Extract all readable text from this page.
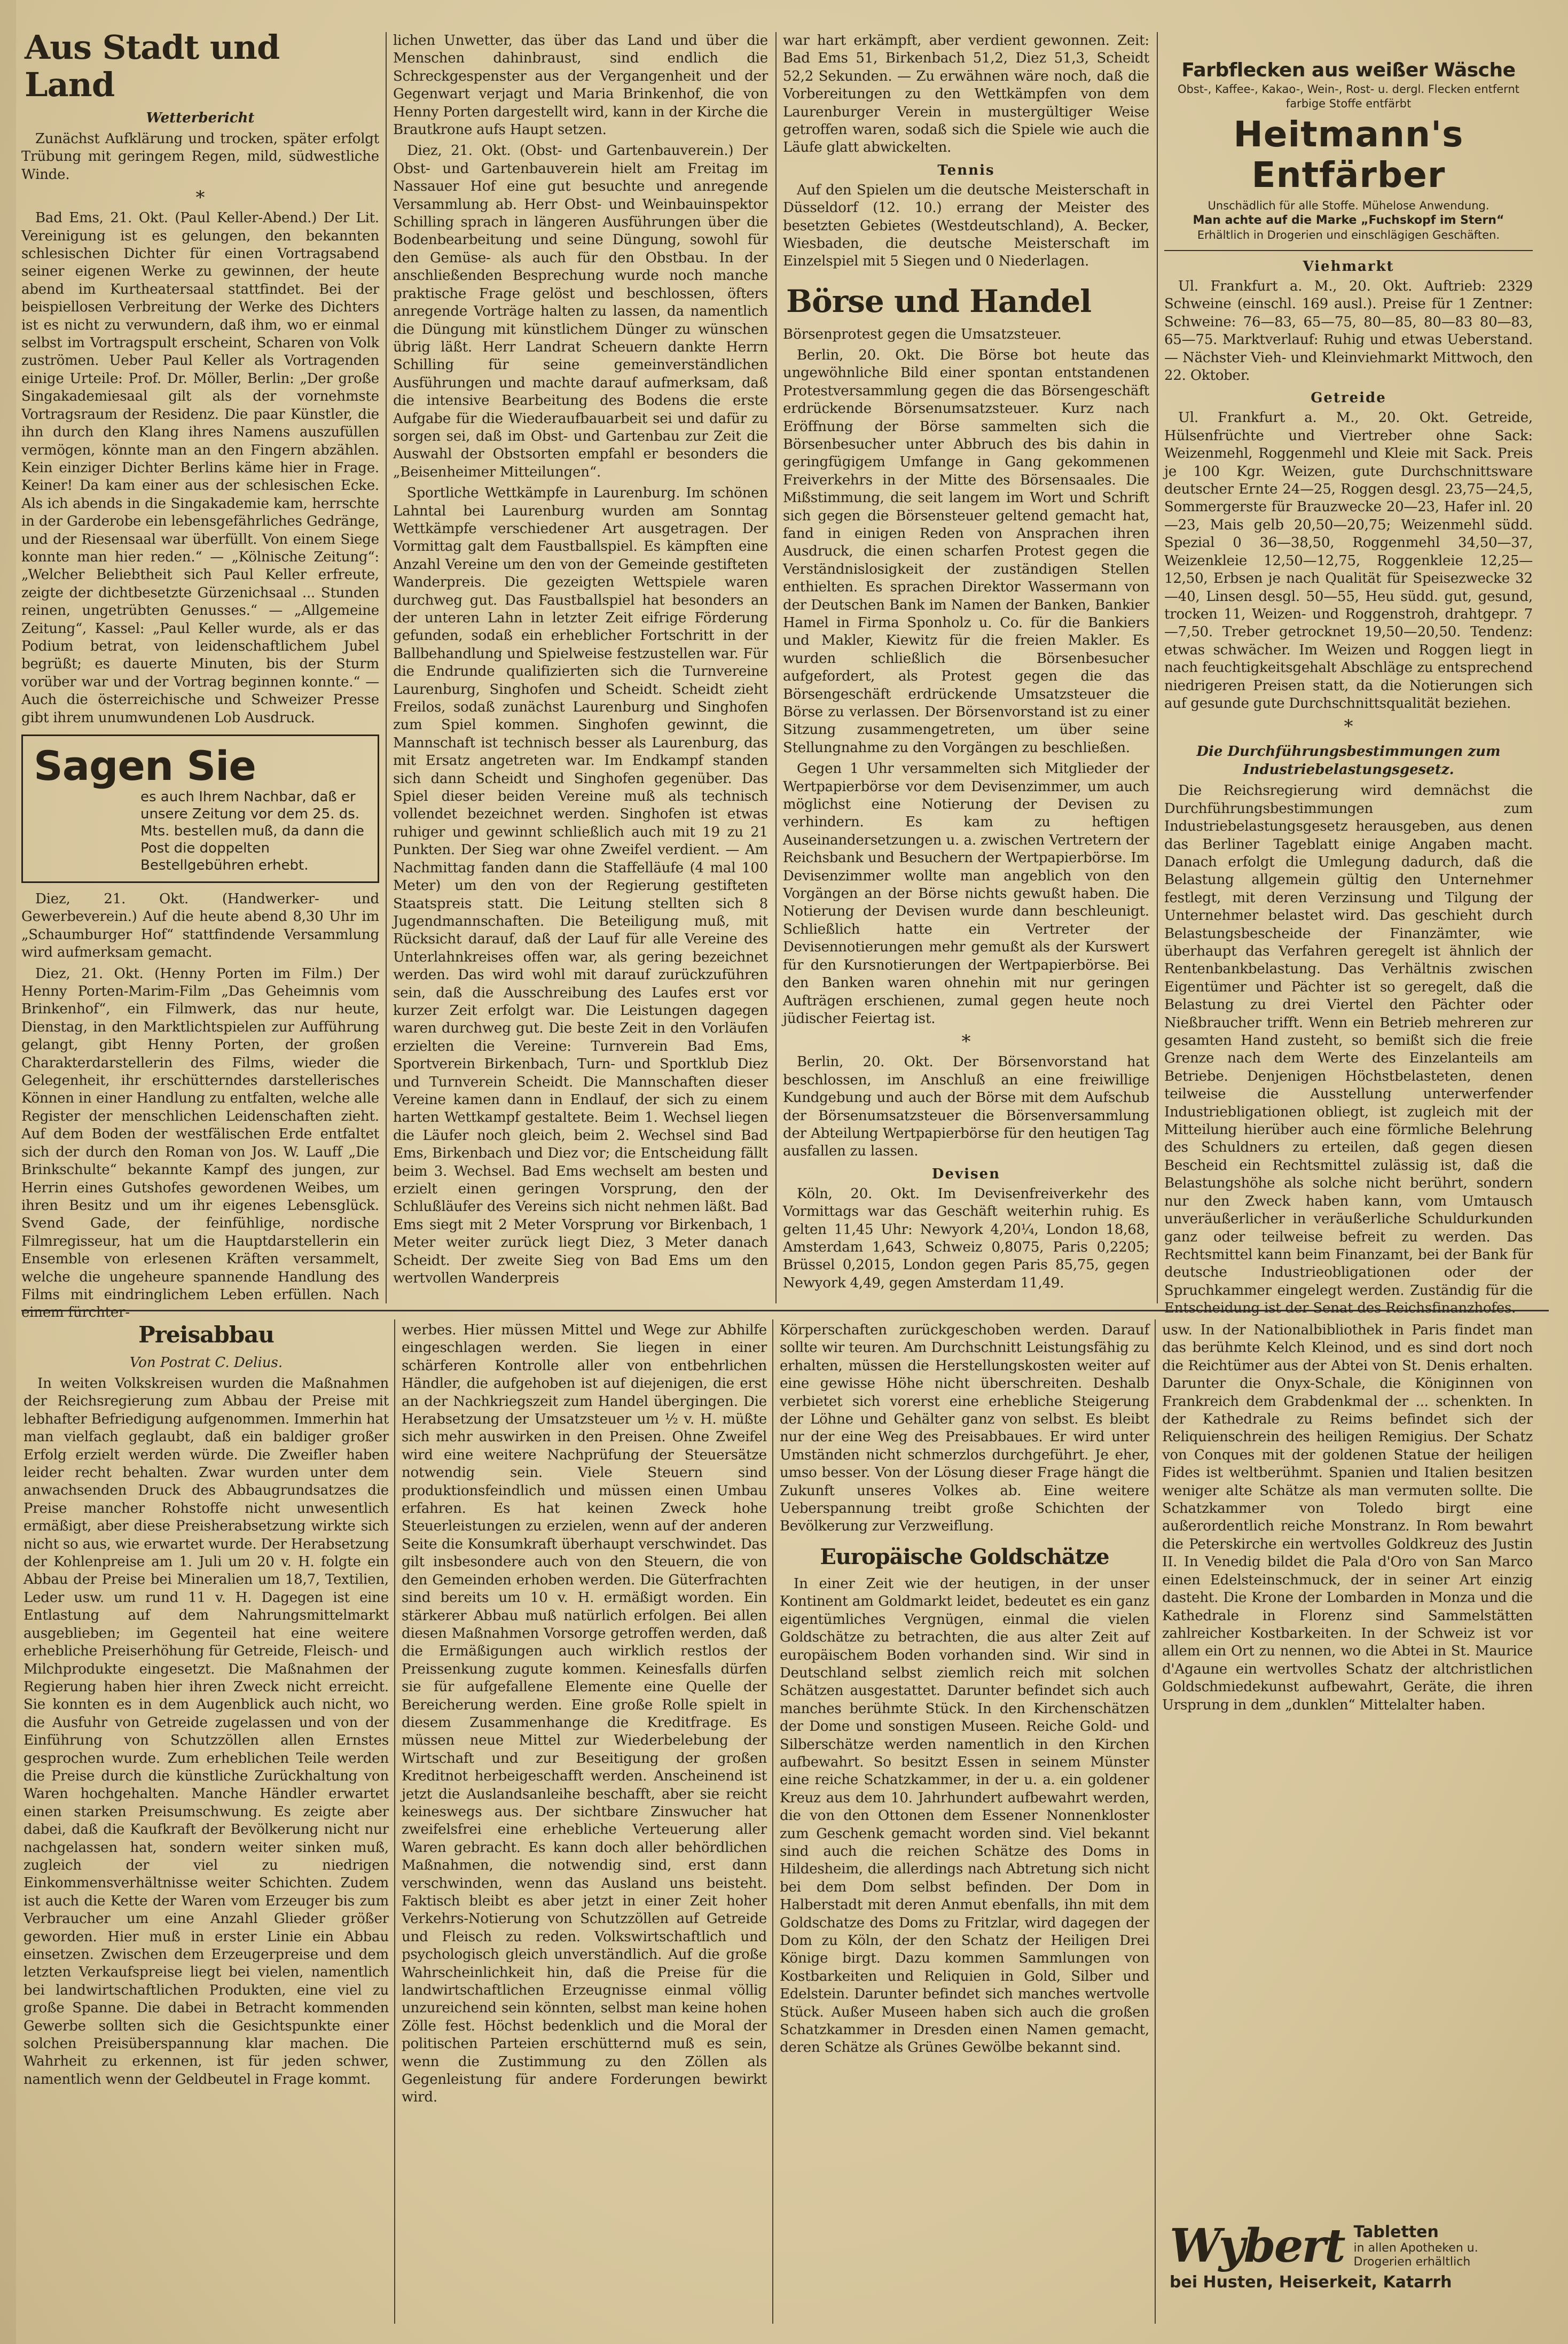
Aus Stadt und Land
Wetterbericht

Zunächst Aufklärung und trocken, später erfolgt Trübung mit geringem Regen, mild, südwestliche Winde.

*

Bad Ems, 21. Okt. (Paul Keller-Abend.) Der Lit. Vereinigung ist es gelungen, den bekannten schlesischen Dichter für einen Vortragsabend seiner eigenen Werke zu gewinnen, der heute abend im Kurtheatersaal stattfindet. Bei der beispiellosen Verbreitung der Werke des Dichters ist es nicht zu verwundern, daß ihm, wo er einmal selbst im Vortragspult erscheint, Scharen von Volk zuströmen. Ueber Paul Keller als Vortragenden einige Urteile: Prof. Dr. Möller, Berlin: „Der große Singakademiesaal gilt als der vornehmste Vortragsraum der Residenz. Die paar Künstler, die ihn durch den Klang ihres Namens auszufüllen vermögen, könnte man an den Fingern abzählen. Kein einziger Dichter Berlins käme hier in Frage. Keiner! Da kam einer aus der schlesischen Ecke. Als ich abends in die Singakademie kam, herrschte in der Garderobe ein lebensgefährliches Gedränge, und der Riesensaal war überfüllt. Von einem Siege konnte man hier reden.“ — „Kölnische Zeitung“: „Welcher Beliebtheit sich Paul Keller erfreute, zeigte der dichtbesetzte Gürzenichsaal ... Stunden reinen, ungetrübten Genusses.“ — „Allgemeine Zeitung“, Kassel: „Paul Keller wurde, als er das Podium betrat, von leidenschaftlichem Jubel begrüßt; es dauerte Minuten, bis der Sturm vorüber war und der Vortrag beginnen konnte.“ — Auch die österreichische und Schweizer Presse gibt ihrem unumwundenen Lob Ausdruck.

Sagen Sie
es auch Ihrem Nachbar, daß er unsere Zeitung vor dem 25. ds. Mts. bestellen muß, da dann die Post die doppelten Bestellgebühren erhebt.

Diez, 21. Okt. (Handwerker- und Gewerbeverein.) Auf die heute abend 8,30 Uhr im „Schaumburger Hof“ stattfindende Versammlung wird aufmerksam gemacht.

Diez, 21. Okt. (Henny Porten im Film.) Der Henny Porten-Marim-Film „Das Geheimnis vom Brinkenhof“, ein Filmwerk, das nur heute, Dienstag, in den Marktlichtspielen zur Aufführung gelangt, gibt Henny Porten, der großen Charakterdarstellerin des Films, wieder die Gelegenheit, ihr erschütterndes darstellerisches Können in einer Handlung zu entfalten, welche alle Register der menschlichen Leidenschaften zieht. Auf dem Boden der westfälischen Erde entfaltet sich der durch den Roman von Jos. W. Lauff „Die Brinkschulte“ bekannte Kampf des jungen, zur Herrin eines Gutshofes gewordenen Weibes, um ihren Besitz und um ihr eigenes Lebensglück. Svend Gade, der feinfühlige, nordische Filmregisseur, hat um die Hauptdarstellerin ein Ensemble von erlesenen Kräften versammelt, welche die ungeheure spannende Handlung des Films mit eindringlichem Leben erfüllen. Nach einem fürchter-

lichen Unwetter, das über das Land und über die Menschen dahinbraust, sind endlich die Schreckgespenster aus der Vergangenheit und der Gegenwart verjagt und Maria Brinkenhof, die von Henny Porten dargestellt wird, kann in der Kirche die Brautkrone aufs Haupt setzen.

Diez, 21. Okt. (Obst- und Gartenbauverein.) Der Obst- und Gartenbauverein hielt am Freitag im Nassauer Hof eine gut besuchte und anregende Versammlung ab. Herr Obst- und Weinbauinspektor Schilling sprach in längeren Ausführungen über die Bodenbearbeitung und seine Düngung, sowohl für den Gemüse- als auch für den Obstbau. In der anschließenden Besprechung wurde noch manche praktische Frage gelöst und beschlossen, öfters anregende Vorträge halten zu lassen, da namentlich die Düngung mit künstlichem Dünger zu wünschen übrig läßt. Herr Landrat Scheuern dankte Herrn Schilling für seine gemeinverständlichen Ausführungen und machte darauf aufmerksam, daß die intensive Bearbeitung des Bodens die erste Aufgabe für die Wiederaufbauarbeit sei und dafür zu sorgen sei, daß im Obst- und Gartenbau zur Zeit die Auswahl der Obstsorten empfahl er besonders die „Beisenheimer Mitteilungen“.

Sportliche Wettkämpfe in Laurenburg. Im schönen Lahntal bei Laurenburg wurden am Sonntag Wettkämpfe verschiedener Art ausgetragen. Der Vormittag galt dem Faustballspiel. Es kämpften eine Anzahl Vereine um den von der Gemeinde gestifteten Wanderpreis. Die gezeigten Wettspiele waren durchweg gut. Das Faustballspiel hat besonders an der unteren Lahn in letzter Zeit eifrige Förderung gefunden, sodaß ein erheblicher Fortschritt in der Ballbehandlung und Spielweise festzustellen war. Für die Endrunde qualifizierten sich die Turnvereine Laurenburg, Singhofen und Scheidt. Scheidt zieht Freilos, sodaß zunächst Laurenburg und Singhofen zum Spiel kommen. Singhofen gewinnt, die Mannschaft ist technisch besser als Laurenburg, das mit Ersatz angetreten war. Im Endkampf standen sich dann Scheidt und Singhofen gegenüber. Das Spiel dieser beiden Vereine muß als technisch vollendet bezeichnet werden. Singhofen ist etwas ruhiger und gewinnt schließlich auch mit 19 zu 21 Punkten. Der Sieg war ohne Zweifel verdient. — Am Nachmittag fanden dann die Staffelläufe (4 mal 100 Meter) um den von der Regierung gestifteten Staatspreis statt. Die Leitung stellten sich 8 Jugendmannschaften. Die Beteiligung muß, mit Rücksicht darauf, daß der Lauf für alle Vereine des Unterlahnkreises offen war, als gering bezeichnet werden. Das wird wohl mit darauf zurückzuführen sein, daß die Ausschreibung des Laufes erst vor kurzer Zeit erfolgt war. Die Leistungen dagegen waren durchweg gut. Die beste Zeit in den Vorläufen erzielten die Vereine: Turnverein Bad Ems, Sportverein Birkenbach, Turn- und Sportklub Diez und Turnverein Scheidt. Die Mannschaften dieser Vereine kamen dann in Endlauf, der sich zu einem harten Wettkampf gestaltete. Beim 1. Wechsel liegen die Läufer noch gleich, beim 2. Wechsel sind Bad Ems, Birkenbach und Diez vor; die Entscheidung fällt beim 3. Wechsel. Bad Ems wechselt am besten und erzielt einen geringen Vorsprung, den der Schlußläufer des Vereins sich nicht nehmen läßt. Bad Ems siegt mit 2 Meter Vorsprung vor Birkenbach, 1 Meter weiter zurück liegt Diez, 3 Meter danach Scheidt. Der zweite Sieg von Bad Ems um den wertvollen Wanderpreis

war hart erkämpft, aber verdient gewonnen. Zeit: Bad Ems 51, Birkenbach 51,2, Diez 51,3, Scheidt 52,2 Sekunden. — Zu erwähnen wäre noch, daß die Vorbereitungen zu den Wettkämpfen von dem Laurenburger Verein in mustergültiger Weise getroffen waren, sodaß sich die Spiele wie auch die Läufe glatt abwickelten.

Tennis

Auf den Spielen um die deutsche Meisterschaft in Düsseldorf (12. 10.) errang der Meister des besetzten Gebietes (Westdeutschland), A. Becker, Wiesbaden, die deutsche Meisterschaft im Einzelspiel mit 5 Siegen und 0 Niederlagen.

Börse und Handel
Börsenprotest gegen die Umsatzsteuer.

Berlin, 20. Okt. Die Börse bot heute das ungewöhnliche Bild einer spontan entstandenen Protestversammlung gegen die das Börsengeschäft erdrückende Börsenumsatzsteuer. Kurz nach Eröffnung der Börse sammelten sich die Börsenbesucher unter Abbruch des bis dahin in geringfügigem Umfange in Gang gekommenen Freiverkehrs in der Mitte des Börsensaales. Die Mißstimmung, die seit langem im Wort und Schrift sich gegen die Börsensteuer geltend gemacht hat, fand in einigen Reden von Ansprachen ihren Ausdruck, die einen scharfen Protest gegen die Verständnislosigkeit der zuständigen Stellen enthielten. Es sprachen Direktor Wassermann von der Deutschen Bank im Namen der Banken, Bankier Hamel in Firma Sponholz u. Co. für die Bankiers und Makler, Kiewitz für die freien Makler. Es wurden schließlich die Börsenbesucher aufgefordert, als Protest gegen die das Börsengeschäft erdrückende Umsatzsteuer die Börse zu verlassen. Der Börsenvorstand ist zu einer Sitzung zusammengetreten, um über seine Stellungnahme zu den Vorgängen zu beschließen.

Gegen 1 Uhr versammelten sich Mitglieder der Wertpapierbörse vor dem Devisenzimmer, um auch möglichst eine Notierung der Devisen zu verhindern. Es kam zu heftigen Auseinandersetzungen u. a. zwischen Vertretern der Reichsbank und Besuchern der Wertpapierbörse. Im Devisenzimmer wollte man angeblich von den Vorgängen an der Börse nichts gewußt haben. Die Notierung der Devisen wurde dann beschleunigt. Schließlich hatte ein Vertreter der Devisennotierungen mehr gemußt als der Kurswert für den Kursnotierungen der Wertpapierbörse. Bei den Banken waren ohnehin mit nur geringen Aufträgen erschienen, zumal gegen heute noch jüdischer Feiertag ist.

*

Berlin, 20. Okt. Der Börsenvorstand hat beschlossen, im Anschluß an eine freiwillige Kundgebung und auch der Börse mit dem Aufschub der Börsenumsatzsteuer die Börsenversammlung der Abteilung Wertpapierbörse für den heutigen Tag ausfallen zu lassen.

Devisen

Köln, 20. Okt. Im Devisenfreiverkehr des Vormittags war das Geschäft weiterhin ruhig. Es gelten 11,45 Uhr: Newyork 4,20¼, London 18,68, Amsterdam 1,643, Schweiz 0,8075, Paris 0,2205; Brüssel 0,2015, London gegen Paris 85,75, gegen Newyork 4,49, gegen Amsterdam 11,49.

Farbflecken aus weißer Wäsche
Obst-, Kaffee-, Kakao-, Wein-, Rost- u. dergl. Flecken entfernt farbige Stoffe entfärbt
Heitmann's Entfärber
Unschädlich für alle Stoffe. Mühelose Anwendung.
Man achte auf die Marke „Fuchskopf im Stern“
Erhältlich in Drogerien und einschlägigen Geschäften.
Viehmarkt

Ul. Frankfurt a. M., 20. Okt. Auftrieb: 2329 Schweine (einschl. 169 ausl.). Preise für 1 Zentner: Schweine: 76—83, 65—75, 80—85, 80—83 80—83, 65—75. Marktverlauf: Ruhig und etwas Ueberstand. — Nächster Vieh- und Kleinviehmarkt Mittwoch, den 22. Oktober.

Getreide

Ul. Frankfurt a. M., 20. Okt. Getreide, Hülsenfrüchte und Viertreber ohne Sack: Weizenmehl, Roggenmehl und Kleie mit Sack. Preis je 100 Kgr. Weizen, gute Durchschnittsware deutscher Ernte 24—25, Roggen desgl. 23,75—24,5, Sommergerste für Brauzwecke 20—23, Hafer inl. 20—23, Mais gelb 20,50—20,75; Weizenmehl südd. Spezial 0 36—38,50, Roggenmehl 34,50—37, Weizenkleie 12,50—12,75, Roggenkleie 12,25—12,50, Erbsen je nach Qualität für Speisezwecke 32—40, Linsen desgl. 50—55, Heu südd. gut, gesund, trocken 11, Weizen- und Roggenstroh, drahtgepr. 7—7,50. Treber getrocknet 19,50—20,50. Tendenz: etwas schwächer. Im Weizen und Roggen liegt in nach feuchtigkeitsgehalt Abschläge zu entsprechend niedrigeren Preisen statt, da die Notierungen sich auf gesunde gute Durchschnittsqualität beziehen.

*
Die Durchführungsbestimmungen zum Industriebelastungsgesetz.

Die Reichsregierung wird demnächst die Durchführungsbestimmungen zum Industriebelastungsgesetz herausgeben, aus denen das Berliner Tageblatt einige Angaben macht. Danach erfolgt die Umlegung dadurch, daß die Belastung allgemein gültig den Unternehmer festlegt, mit deren Verzinsung und Tilgung der Unternehmer belastet wird. Das geschieht durch Belastungsbescheide der Finanzämter, wie überhaupt das Verfahren geregelt ist ähnlich der Rentenbankbelastung. Das Verhältnis zwischen Eigentümer und Pächter ist so geregelt, daß die Belastung zu drei Viertel den Pächter oder Nießbraucher trifft. Wenn ein Betrieb mehreren zur gesamten Hand zusteht, so bemißt sich die freie Grenze nach dem Werte des Einzelanteils am Betriebe. Denjenigen Höchstbelasteten, denen teilweise die Ausstellung unterwerfender Industriebligationen obliegt, ist zugleich mit der Mitteilung hierüber auch eine förmliche Belehrung des Schuldners zu erteilen, daß gegen diesen Bescheid ein Rechtsmittel zulässig ist, daß die Belastungshöhe als solche nicht berührt, sondern nur den Zweck haben kann, vom Umtausch unveräußerlicher in veräußerliche Schuldurkunden ganz oder teilweise befreit zu werden. Das Rechtsmittel kann beim Finanzamt, bei der Bank für deutsche Industrieobligationen oder der Spruchkammer eingelegt werden. Zuständig für die Entscheidung ist der Senat des Reichsfinanzhofes.

Preisabbau
Von Postrat C. Delius.

In weiten Volkskreisen wurden die Maßnahmen der Reichsregierung zum Abbau der Preise mit lebhafter Befriedigung aufgenommen. Immerhin hat man vielfach geglaubt, daß ein baldiger großer Erfolg erzielt werden würde. Die Zweifler haben leider recht behalten. Zwar wurden unter dem anwachsenden Druck des Abbaugrundsatzes die Preise mancher Rohstoffe nicht unwesentlich ermäßigt, aber diese Preisherabsetzung wirkte sich nicht so aus, wie erwartet wurde. Der Herabsetzung der Kohlenpreise am 1. Juli um 20 v. H. folgte ein Abbau der Preise bei Mineralien um 18,7, Textilien, Leder usw. um rund 11 v. H. Dagegen ist eine Entlastung auf dem Nahrungsmittelmarkt ausgeblieben; im Gegenteil hat eine weitere erhebliche Preiserhöhung für Getreide, Fleisch- und Milchprodukte eingesetzt. Die Maßnahmen der Regierung haben hier ihren Zweck nicht erreicht. Sie konnten es in dem Augenblick auch nicht, wo die Ausfuhr von Getreide zugelassen und von der Einführung von Schutzzöllen allen Ernstes gesprochen wurde. Zum erheblichen Teile werden die Preise durch die künstliche Zurückhaltung von Waren hochgehalten. Manche Händler erwartet einen starken Preisumschwung. Es zeigte aber dabei, daß die Kaufkraft der Bevölkerung nicht nur nachgelassen hat, sondern weiter sinken muß, zugleich der viel zu niedrigen Einkommensverhältnisse weiter Schichten. Zudem ist auch die Kette der Waren vom Erzeuger bis zum Verbraucher um eine Anzahl Glieder größer geworden. Hier muß in erster Linie ein Abbau einsetzen. Zwischen dem Erzeugerpreise und dem letzten Verkaufspreise liegt bei vielen, namentlich bei landwirtschaftlichen Produkten, eine viel zu große Spanne. Die dabei in Betracht kommenden Gewerbe sollten sich die Gesichtspunkte einer solchen Preisüberspannung klar machen. Die Wahrheit zu erkennen, ist für jeden schwer, namentlich wenn der Geldbeutel in Frage kommt.

werbes. Hier müssen Mittel und Wege zur Abhilfe eingeschlagen werden. Sie liegen in einer schärferen Kontrolle aller von entbehrlichen Händler, die aufgehoben ist auf diejenigen, die erst an der Nachkriegszeit zum Handel übergingen. Die Herabsetzung der Umsatzsteuer um ½ v. H. müßte sich mehr auswirken in den Preisen. Ohne Zweifel wird eine weitere Nachprüfung der Steuersätze notwendig sein. Viele Steuern sind produktionsfeindlich und müssen einen Umbau erfahren. Es hat keinen Zweck hohe Steuerleistungen zu erzielen, wenn auf der anderen Seite die Konsumkraft überhaupt verschwindet. Das gilt insbesondere auch von den Steuern, die von den Gemeinden erhoben werden. Die Güterfrachten sind bereits um 10 v. H. ermäßigt worden. Ein stärkerer Abbau muß natürlich erfolgen. Bei allen diesen Maßnahmen Vorsorge getroffen werden, daß die Ermäßigungen auch wirklich restlos der Preissenkung zugute kommen. Keinesfalls dürfen sie für aufgefallene Elemente eine Quelle der Bereicherung werden. Eine große Rolle spielt in diesem Zusammenhange die Kreditfrage. Es müssen neue Mittel zur Wiederbelebung der Wirtschaft und zur Beseitigung der großen Kreditnot herbeigeschafft werden. Anscheinend ist jetzt die Auslandsanleihe beschafft, aber sie reicht keineswegs aus. Der sichtbare Zinswucher hat zweifelsfrei eine erhebliche Verteuerung aller Waren gebracht. Es kann doch aller behördlichen Maßnahmen, die notwendig sind, erst dann verschwinden, wenn das Ausland uns beisteht. Faktisch bleibt es aber jetzt in einer Zeit hoher Verkehrs-Notierung von Schutzzöllen auf Getreide und Fleisch zu reden. Volkswirtschaftlich und psychologisch gleich unverständlich. Auf die große Wahrscheinlichkeit hin, daß die Preise für die landwirtschaftlichen Erzeugnisse einmal völlig unzureichend sein könnten, selbst man keine hohen Zölle fest. Höchst bedenklich und die Moral der politischen Parteien erschütternd muß es sein, wenn die Zustimmung zu den Zöllen als Gegenleistung für andere Forderungen bewirkt wird.

Körperschaften zurückgeschoben werden. Darauf sollte wir teuren. Am Durchschnitt Leistungsfähig zu erhalten, müssen die Herstellungskosten weiter auf eine gewisse Höhe nicht überschreiten. Deshalb verbietet sich vorerst eine erhebliche Steigerung der Löhne und Gehälter ganz von selbst. Es bleibt nur der eine Weg des Preisabbaues. Er wird unter Umständen nicht schmerzlos durchgeführt. Je eher, umso besser. Von der Lösung dieser Frage hängt die Zukunft unseres Volkes ab. Eine weitere Ueberspannung treibt große Schichten der Bevölkerung zur Verzweiflung.

Europäische Goldschätze

In einer Zeit wie der heutigen, in der unser Kontinent am Goldmarkt leidet, bedeutet es ein ganz eigentümliches Vergnügen, einmal die vielen Goldschätze zu betrachten, die aus alter Zeit auf europäischem Boden vorhanden sind. Wir sind in Deutschland selbst ziemlich reich mit solchen Schätzen ausgestattet. Darunter befindet sich auch manches berühmte Stück. In den Kirchenschätzen der Dome und sonstigen Museen. Reiche Gold- und Silberschätze werden namentlich in den Kirchen aufbewahrt. So besitzt Essen in seinem Münster eine reiche Schatzkammer, in der u. a. ein goldener Kreuz aus dem 10. Jahrhundert aufbewahrt werden, die von den Ottonen dem Essener Nonnenkloster zum Geschenk gemacht worden sind. Viel bekannt sind auch die reichen Schätze des Doms in Hildesheim, die allerdings nach Abtretung sich nicht bei dem Dom selbst befinden. Der Dom in Halberstadt mit deren Anmut ebenfalls, ihn mit dem Goldschatze des Doms zu Fritzlar, wird dagegen der Dom zu Köln, der den Schatz der Heiligen Drei Könige birgt. Dazu kommen Sammlungen von Kostbarkeiten und Reliquien in Gold, Silber und Edelstein. Darunter befindet sich manches wertvolle Stück. Außer Museen haben sich auch die großen Schatzkammer in Dresden einen Namen gemacht, deren Schätze als Grünes Gewölbe bekannt sind.

usw. In der Nationalbibliothek in Paris findet man das berühmte Kelch Kleinod, und es sind dort noch die Reichtümer aus der Abtei von St. Denis erhalten. Darunter die Onyx-Schale, die Königinnen von Frankreich dem Grabdenkmal der ... schenkten. In der Kathedrale zu Reims befindet sich der Reliquienschrein des heiligen Remigius. Der Schatz von Conques mit der goldenen Statue der heiligen Fides ist weltberühmt. Spanien und Italien besitzen weniger alte Schätze als man vermuten sollte. Die Schatzkammer von Toledo birgt eine außerordentlich reiche Monstranz. In Rom bewahrt die Peterskirche ein wertvolles Goldkreuz des Justin II. In Venedig bildet die Pala d'Oro von San Marco einen Edelsteinschmuck, der in seiner Art einzig dasteht. Die Krone der Lombarden in Monza und die Kathedrale in Florenz sind Sammelstätten zahlreicher Kostbarkeiten. In der Schweiz ist vor allem ein Ort zu nennen, wo die Abtei in St. Maurice d'Agaune ein wertvolles Schatz der altchristlichen Goldschmiedekunst aufbewahrt, Geräte, die ihren Ursprung in dem „dunklen“ Mittelalter haben.

Wybert Tabletten
in allen Apotheken u. Drogerien erhältlich
bei Husten, Heiserkeit, Katarrh
